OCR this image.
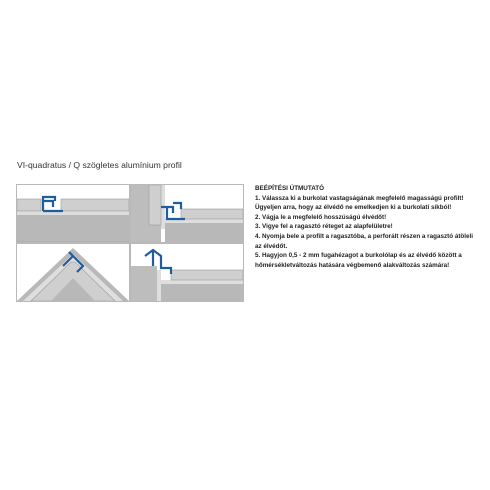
VI-quadratus / Q szögletes alumínium profil
BEÉPÍTÉSI ÚTMUTATÓ
1. Válassza ki a burkolat vastagságának megfelelő magasságú profilt!
Ügyeljen arra, hogy az élvédő ne emelkedjen ki a burkolati síkból!
2. Vágja le a megfelelő hosszúságú élvédőt!
3. Vigye fel a ragasztó réteget az alapfelületre!
4. Nyomja bele a profilt a ragasztóba, a perforált részen a ragasztó átöleli
az élvédőt.
5. Hagyjon 0,5 - 2 mm fugahézagot a burkolólap és az élvédő között a
hőmérsékletváltozás hatására végbemenő alakváltozás számára!
